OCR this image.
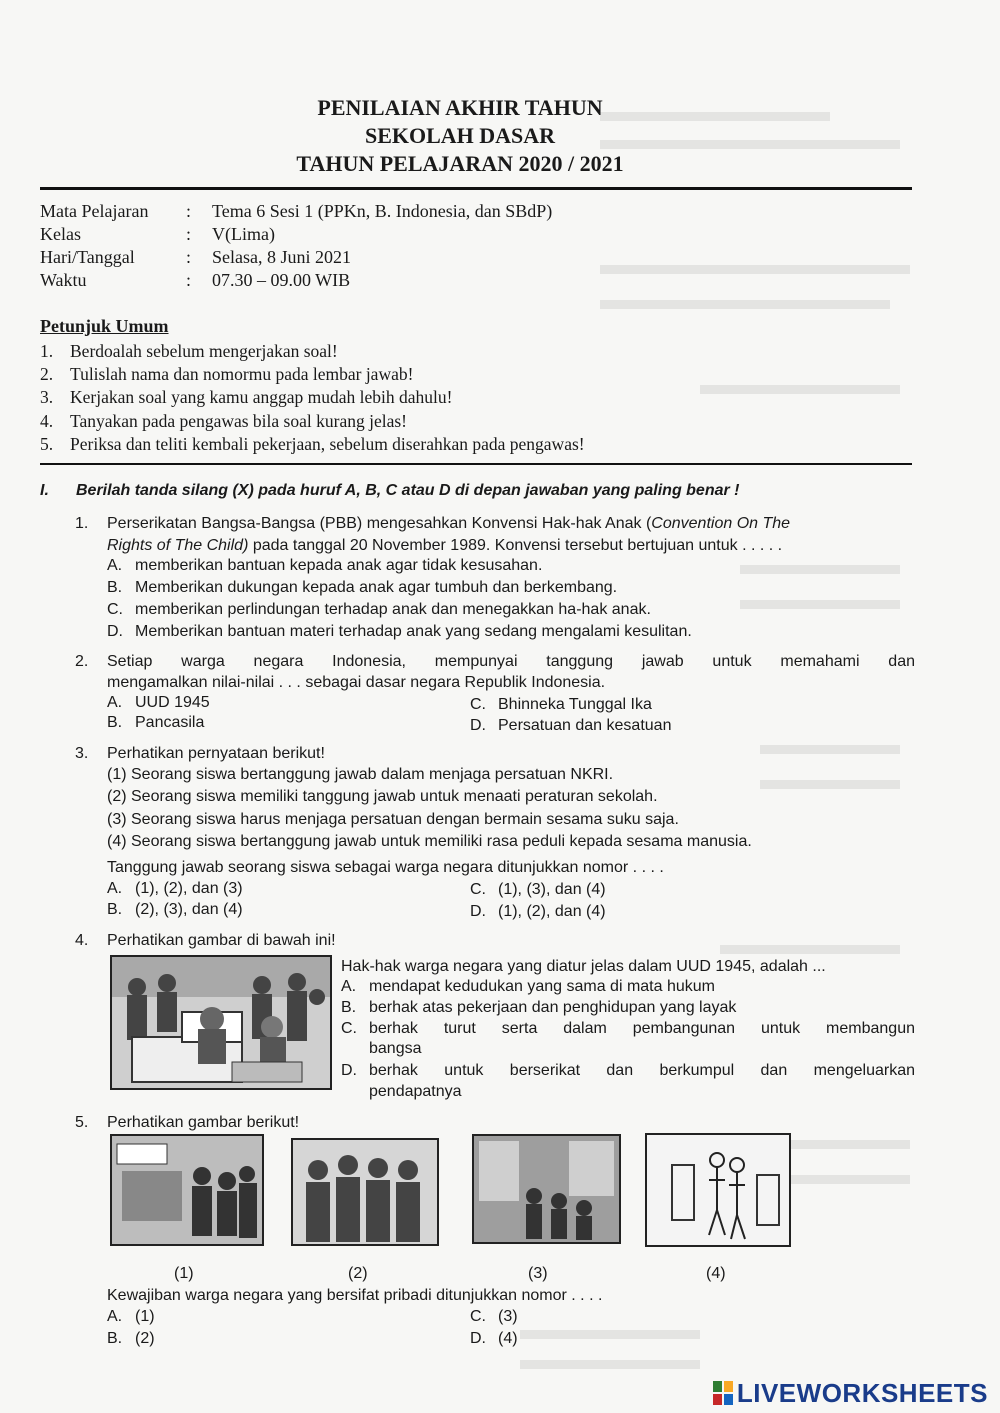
PENILAIAN AKHIR TAHUN
SEKOLAH DASAR
TAHUN PELAJARAN 2020 / 2021
Mata Pelajaran	: Tema 6 Sesi 1 (PPKn, B. Indonesia, dan SBdP)
Kelas	: V(Lima)
Hari/Tanggal	: Selasa, 8 Juni 2021
Waktu	: 07.30 – 09.00 WIB
Petunjuk Umum
1. Berdoalah sebelum mengerjakan soal!
2. Tulislah nama dan nomormu pada lembar jawab!
3. Kerjakan soal yang kamu anggap mudah lebih dahulu!
4. Tanyakan pada pengawas bila soal kurang jelas!
5. Periksa dan teliti kembali pekerjaan, sebelum diserahkan pada pengawas!
I. Berilah tanda silang (X) pada huruf A, B, C atau D di depan jawaban yang paling benar !
1. Perserikatan Bangsa-Bangsa (PBB) mengesahkan Konvensi Hak-hak Anak (Convention On The
Rights of The Child) pada tanggal 20 November 1989. Konvensi tersebut bertujuan untuk . . . . .
A. memberikan bantuan kepada anak agar tidak kesusahan.
B. Memberikan dukungan kepada anak agar tumbuh dan berkembang.
C. memberikan perlindungan terhadap anak dan menegakkan ha-hak anak.
D. Memberikan bantuan materi terhadap anak yang sedang mengalami kesulitan.
2. Setiap warga negara Indonesia, mempunyai tanggung jawab untuk memahami dan
mengamalkan nilai-nilai . . . sebagai dasar negara Republik Indonesia.
A. UUD 1945
B. Pancasila
C. Bhinneka Tunggal Ika
D. Persatuan dan kesatuan
3. Perhatikan pernyataan berikut!
(1) Seorang siswa bertanggung jawab dalam menjaga persatuan NKRI.
(2) Seorang siswa memiliki tanggung jawab untuk menaati peraturan sekolah.
(3) Seorang siswa harus menjaga persatuan dengan bermain sesama suku saja.
(4) Seorang siswa bertanggung jawab untuk memiliki rasa peduli kepada sesama manusia.
Tanggung jawab seorang siswa sebagai warga negara ditunjukkan nomor . . . .
A. (1), (2), dan (3)
B. (2), (3), dan (4)
C. (1), (3), dan (4)
D. (1), (2), dan (4)
4. Perhatikan gambar di bawah ini!
Hak-hak warga negara yang diatur jelas dalam UUD 1945, adalah ...
A. mendapat kedudukan yang sama di mata hukum
B. berhak atas pekerjaan dan penghidupan yang layak
C. berhak turut serta dalam pembangunan untuk membangun
bangsa
D. berhak untuk berserikat dan berkumpul dan mengeluarkan
pendapatnya
5. Perhatikan gambar berikut!
(1)	(2)	(3)	(4)
Kewajiban warga negara yang bersifat pribadi ditunjukkan nomor . . . .
A. (1)
B. (2)
C. (3)
D. (4)
LIVEWORKSHEETS
